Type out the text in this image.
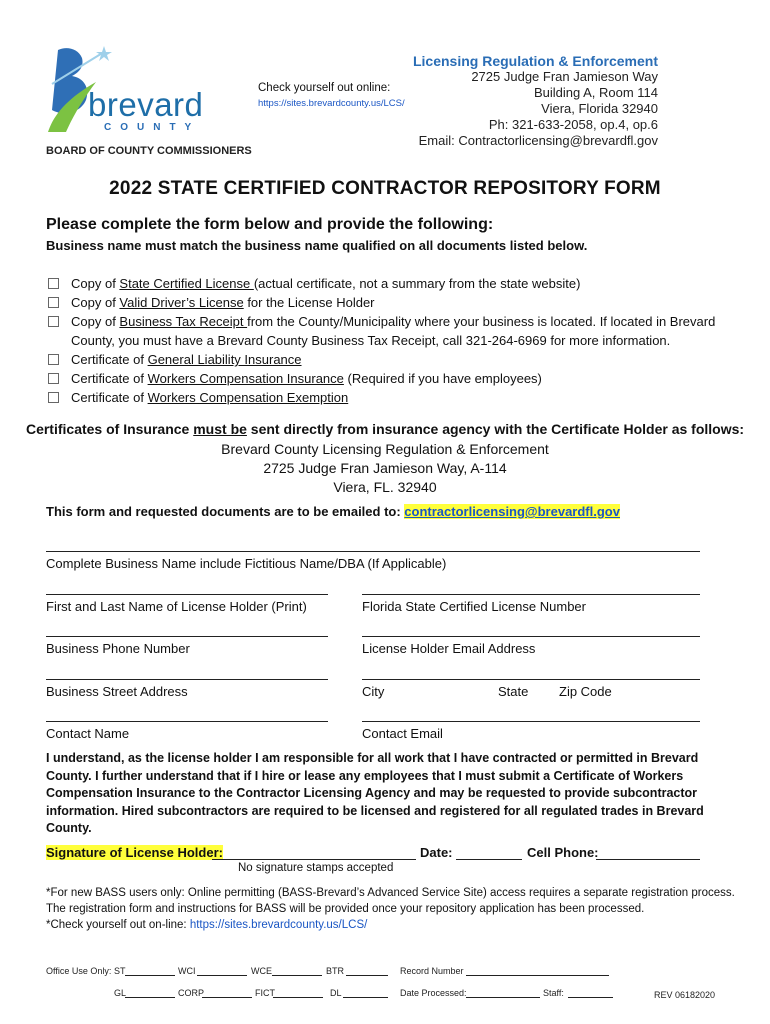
brevard
COUNTY
BOARD OF COUNTY COMMISSIONERS
Check yourself out online:
https://sites.brevardcounty.us/LCS/
Licensing Regulation & Enforcement
2725 Judge Fran Jamieson Way
Building A, Room 114
Viera, Florida 32940
Ph: 321-633-2058, op.4, op.6
Email: Contractorlicensing@brevardfl.gov
2022 STATE CERTIFIED CONTRACTOR REPOSITORY FORM
Please complete the form below and provide the following:
Business name must match the business name qualified on all documents listed below.
Copy of State Certified License (actual certificate, not a summary from the state website)
Copy of Valid Driver’s License for the License Holder
Copy of Business Tax Receipt from the County/Municipality where your business is located. If located in Brevard County, you must have a Brevard County Business Tax Receipt, call 321-264-6969 for more information.
Certificate of General Liability Insurance
Certificate of Workers Compensation Insurance (Required if you have employees)
Certificate of Workers Compensation Exemption
Certificates of Insurance must be sent directly from insurance agency with the Certificate Holder as follows:
Brevard County Licensing Regulation & Enforcement
2725 Judge Fran Jamieson Way, A-114
Viera, FL. 32940
This form and requested documents are to be emailed to: contractorlicensing@brevardfl.gov
Complete Business Name include Fictitious Name/DBA (If Applicable)
First and Last Name of License Holder (Print)	Florida State Certified License Number
Business Phone Number	License Holder Email Address
Business Street Address	City	State Zip Code
Contact Name	Contact Email
I understand, as the license holder I am responsible for all work that I have contracted or permitted in Brevard County. I further understand that if I hire or lease any employees that I must submit a Certificate of Workers Compensation Insurance to the Contractor Licensing Agency and may be requested to provide subcontractor information. Hired subcontractors are required to be licensed and registered for all regulated trades in Brevard County.
Signature of License Holder:	Date:	Cell Phone:
No signature stamps accepted
*For new BASS users only: Online permitting (BASS-Brevard’s Advanced Service Site) access requires a separate registration process.
The registration form and instructions for BASS will be provided once your repository application has been processed.
*Check yourself out on-line: https://sites.brevardcounty.us/LCS/
Office Use Only: ST	WCI	WCE	BTR	Record Number
GL	CORP	FICT	DL	Date Processed:	Staff:	REV 06182020
